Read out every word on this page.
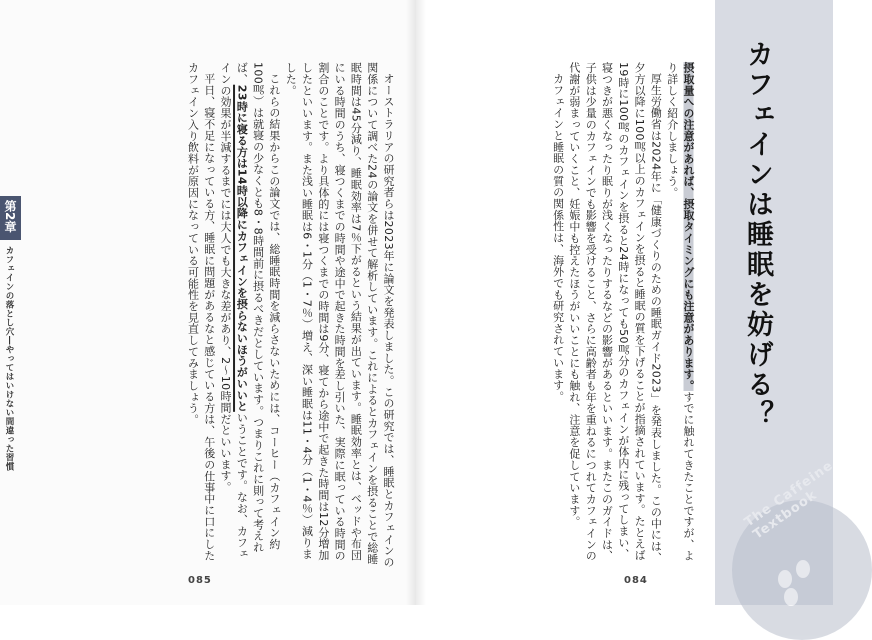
第2章
カフェインの落とし穴―やってはいけない間違った習慣	オーストラリアの研究者らは2023年に論文を発表しました。この研究では、睡眠とカフェインの関係について調べた24の論文を併せて解析しています。これによるとカフェインを摂ることで総睡眠時間は45分減り、睡眠効率は7％下がるという結果が出ています。睡眠効率とは、ベッドや布団にいる時間のうち、寝つくまでの時間や途中で起きた時間を差し引いた、実際に眠っている時間の割合のことです。より具体的には寝つくまでの時間は9分、寝てから途中で起きた時間は12分増加したといいます。また浅い睡眠は6・1分（1・7％）増え、深い睡眠は11・4分（1・4％）減りました。

これらの結果からこの論文では、総睡眠時間を減らさないためには、コーヒー（カフェイン約100㎎）は就寝の少なくとも8・8時間前に摂るべきだとしています。つまりこれに則って考えれば、23時に寝る方は14時以降にカフェインを摂らないほうがいいということです。なお、カフェインの効果が半減するまでには大人でも大きな差があり、2〜10時間だといいます。

平日、寝不足になっている方、睡眠に問題があるなと感じている方は、午後の仕事中に口にしたカフェイン入り飲料が原因になっている可能性を見直してみましょう。

085
カフェインは睡眠を妨げる？
The Caffeine Textbook

摂取量への注意があれば、摂取タイミングにも注意があります。すでに触れてきたことですが、より詳しく紹介しましょう。

厚生労働省は2024年に「健康づくりのための睡眠ガイド2023」を発表しました。この中には、夕方以降に100㎎以上のカフェインを摂ると睡眠の質を下げることが指摘されています。たとえば19時に100㎎のカフェインを摂ると24時になっても50㎎分のカフェインが体内に残ってしまい、寝つきが悪くなったり眠りが浅くなったりするなどの影響があるといいます。またこのガイドは、子供は少量のカフェインでも影響を受けること、さらに高齢者も年を重ねるにつれてカフェインの代謝が弱まっていくこと、妊娠中も控えたほうがいいことにも触れ、注意を促しています。

カフェインと睡眠の質の関係性は、海外でも研究されています。

084
